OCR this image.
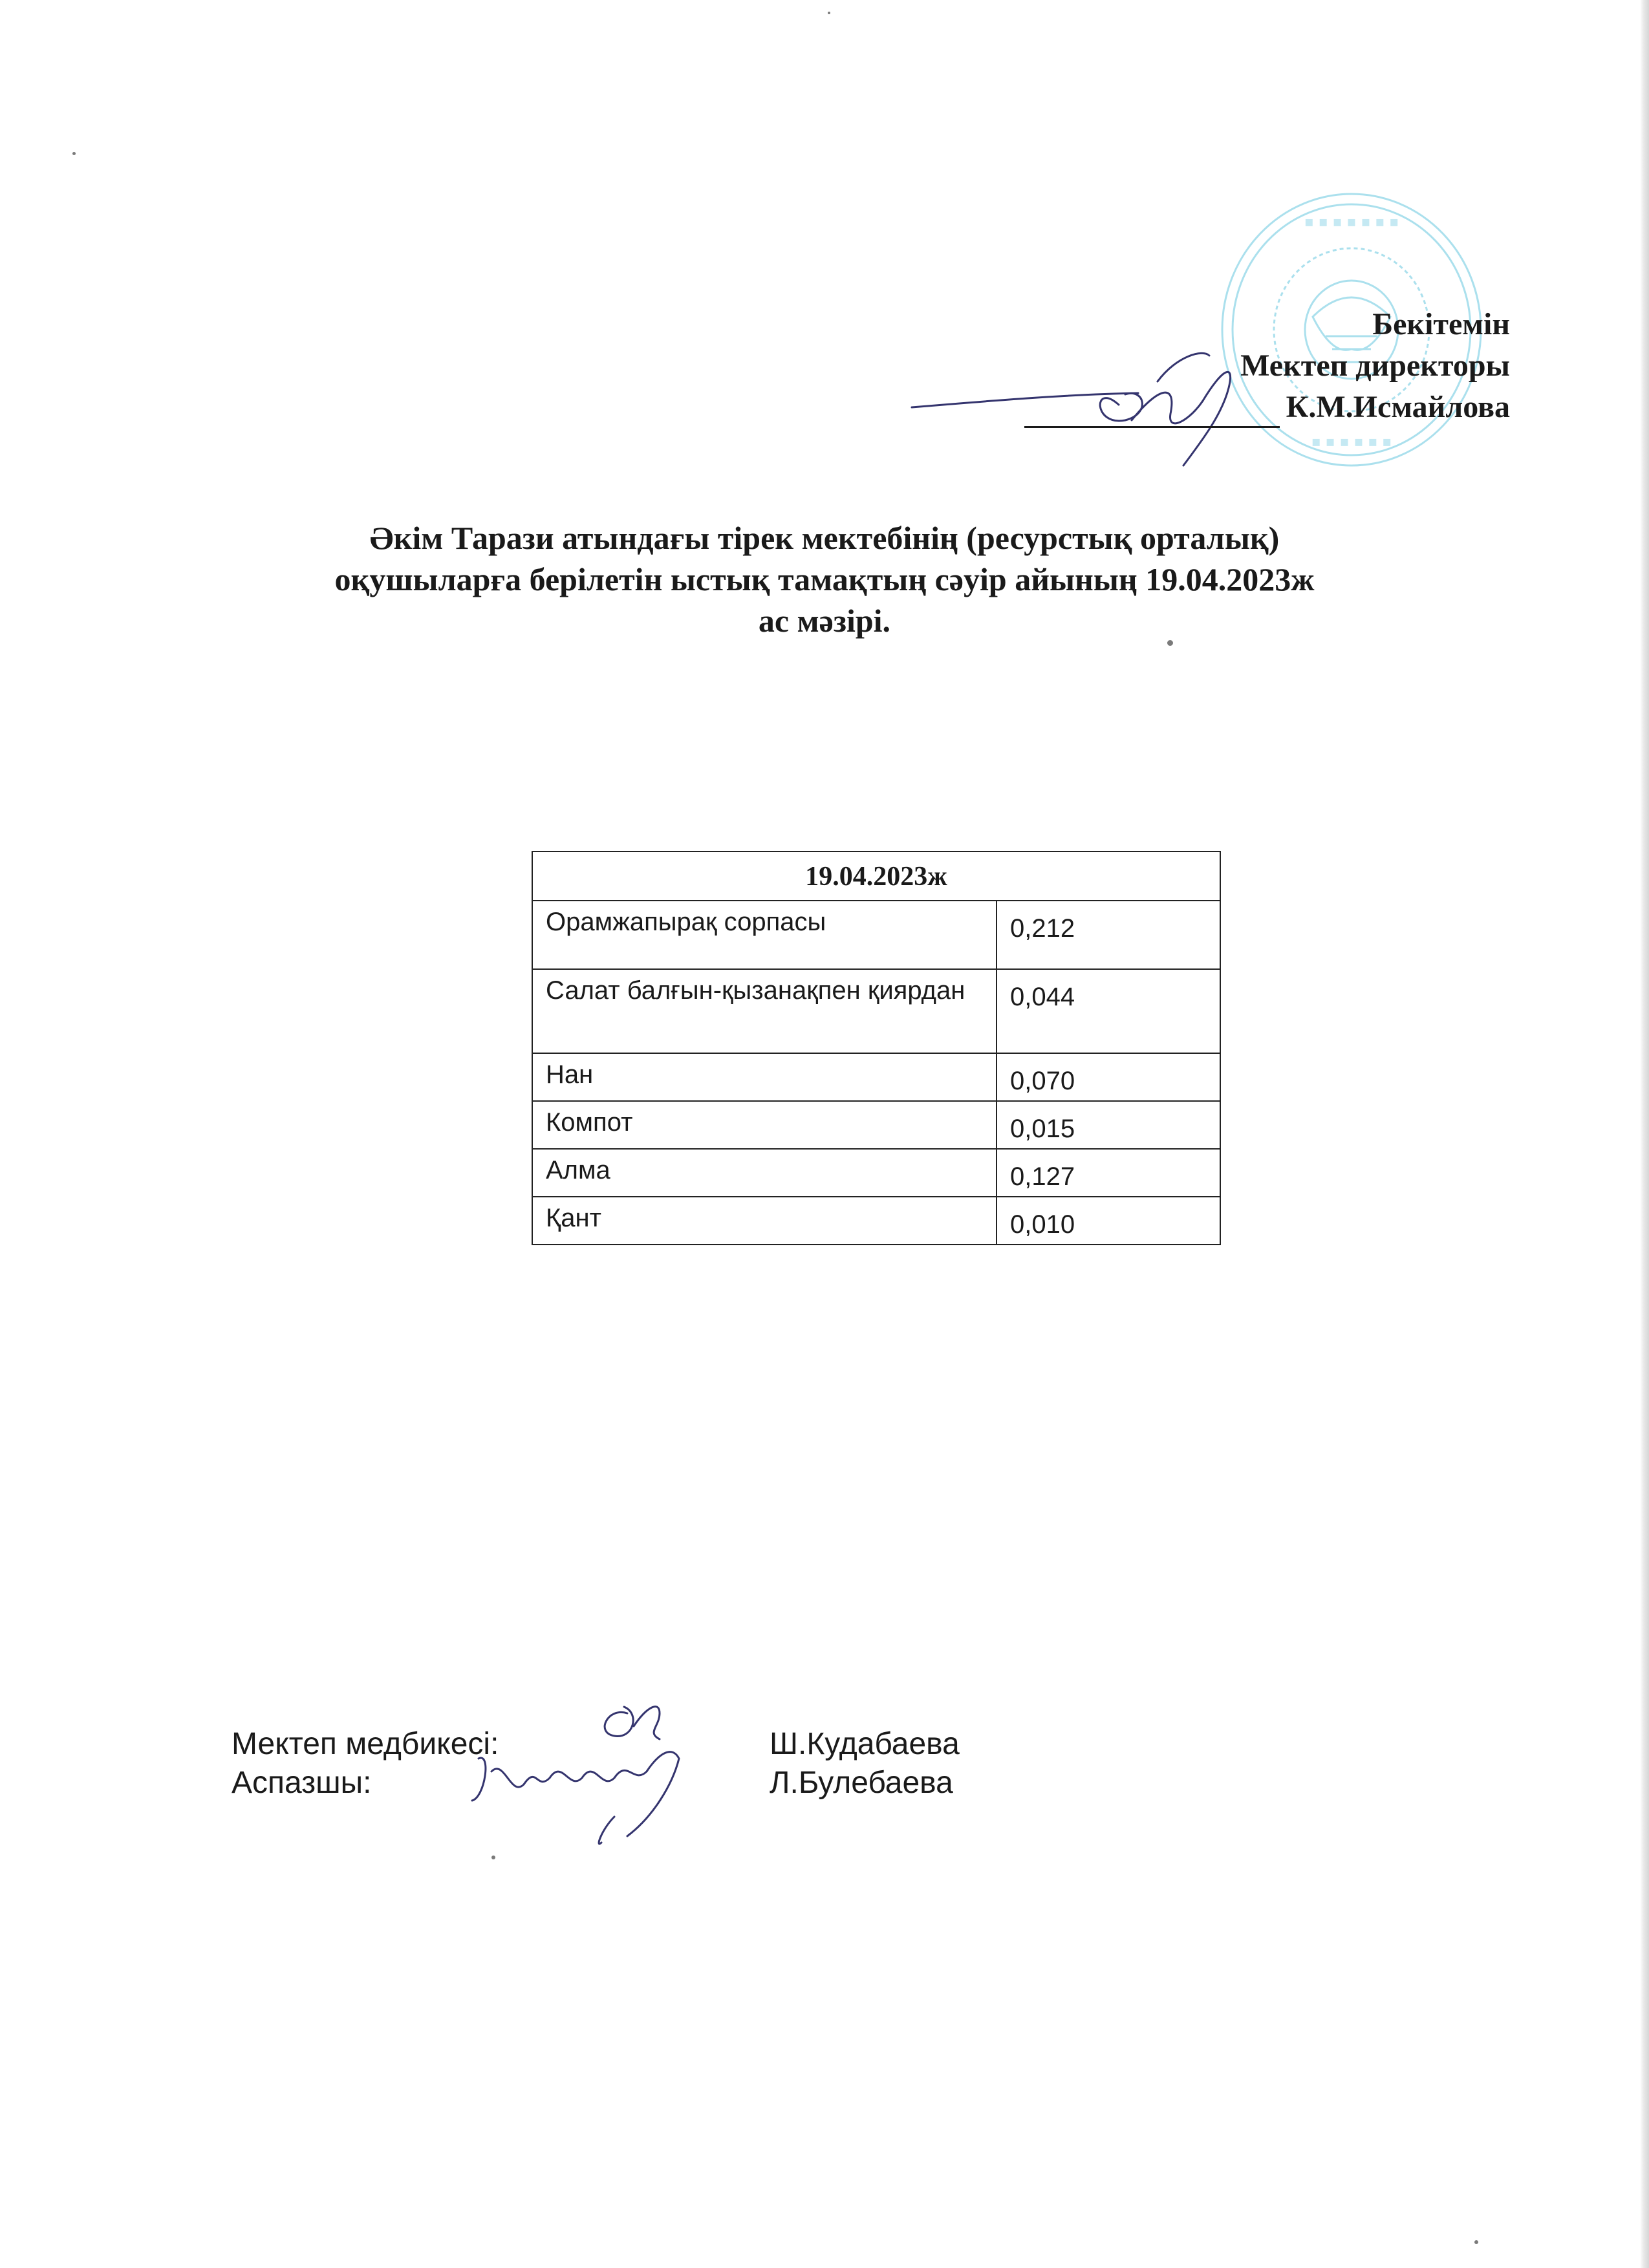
▪ ▪ ▪ ▪ ▪ ▪ ▪
▪ ▪ ▪ ▪ ▪ ▪
Бекітемін
Мектеп директоры
К.М.Исмайлова
Әкім Тарази атындағы тірек мектебінің (ресурстық орталық)
оқушыларға берілетін ыстық тамақтың сәуір айының 19.04.2023ж
ас мәзірі.
19.04.2023ж	
Орамжапырақ сорпасы	0,212
Салат балғын-қызанақпен қиярдан	0,044
Нан	0,070
Компот	0,015
Алма	0,127
Қант	0,010
Мектеп медбикесі:	Ш.Кудабаева
Аспазшы:	Л.Булебаева
